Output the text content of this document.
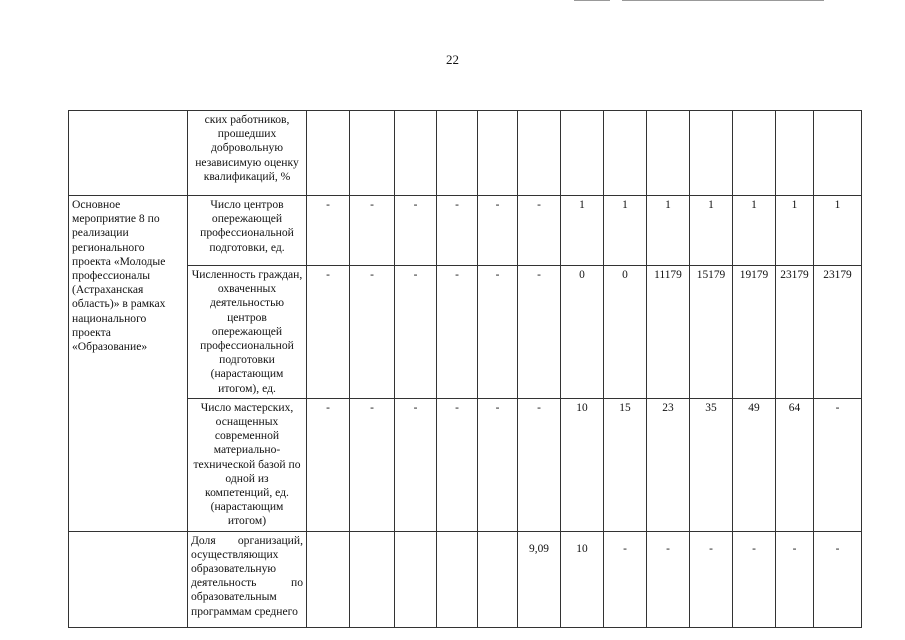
22
	ских работников, прошедших добровольную независимую оценку квалификаций, %													
Основное мероприятие 8 по реализации регионального проекта «Молодые профессионалы (Астраханская область)» в рамках национального проекта «Образование»	Число центров опережающей профессиональной подготовки, ед.	-	-	-	-	-	-	1	1	1	1	1	1	1
	Численность граждан, охваченных деятельностью центров опережающей профессиональной подготовки (нарастающим итогом), ед.	-	-	-	-	-	-	0	0	11179	15179	19179	23179	23179
	Число мастерских, оснащенных современной материально-технической базой по одной из компетенций, ед. (нарастающим итогом)	-	-	-	-	-	-	10	15	23	35	49	64	-
	Доля организаций, осуществляющих образовательную деятельность по образовательным программам среднего						9,09	10	-	-	-	-	-	-
